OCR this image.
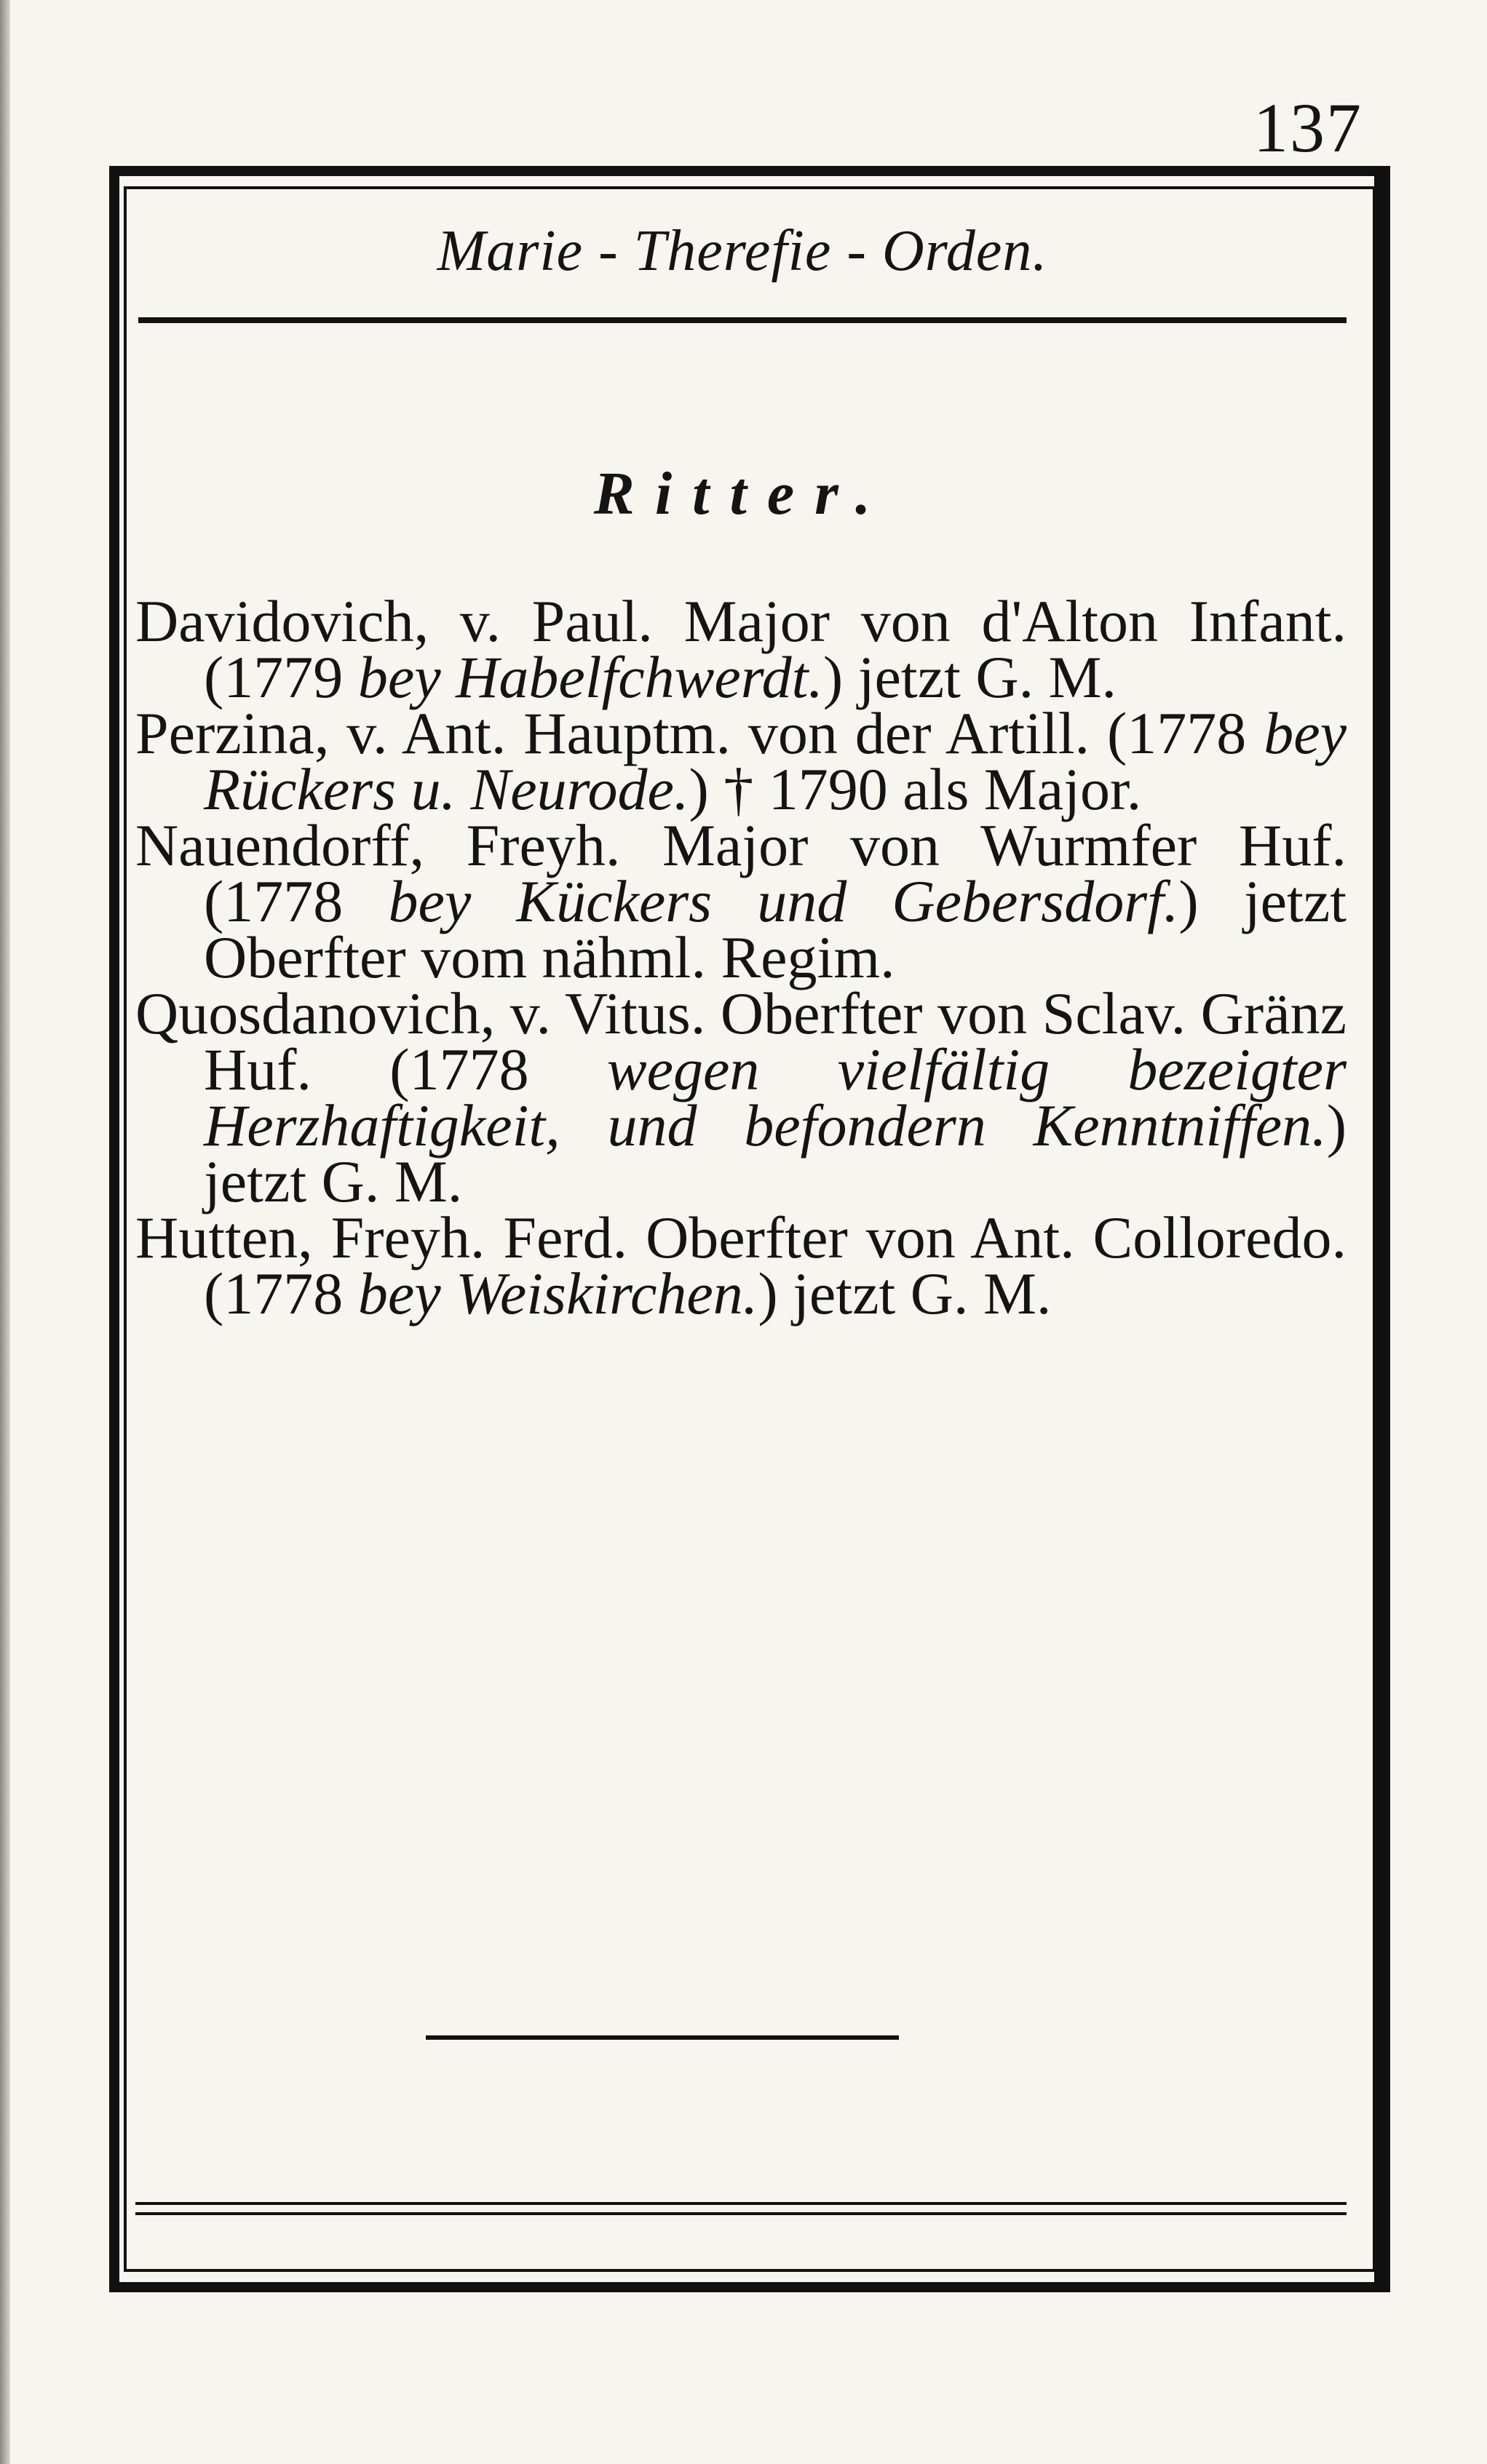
137
Marie - Therefie - Orden.
Ritter.

Davidovich, v. Paul. Major von d'Alton Infant. (1779 bey Habelfchwerdt.) jetzt G. M.

Perzina, v. Ant. Hauptm. von der Artill. (1778 bey Rückers u. Neurode.) † 1790 als Major.

Nauendorff, Freyh. Major von Wurmfer Huf. (1778 bey Kückers und Gebersdorf.) jetzt Oberfter vom nähml. Regim.

Quosdanovich, v. Vitus. Oberfter von Sclav. Gränz Huf. (1778 wegen vielfältig bezeigter Herzhaftigkeit, und befondern Kenntniffen.) jetzt G. M.

Hutten, Freyh. Ferd. Oberfter von Ant. Colloredo. (1778 bey Weiskirchen.) jetzt G. M.
